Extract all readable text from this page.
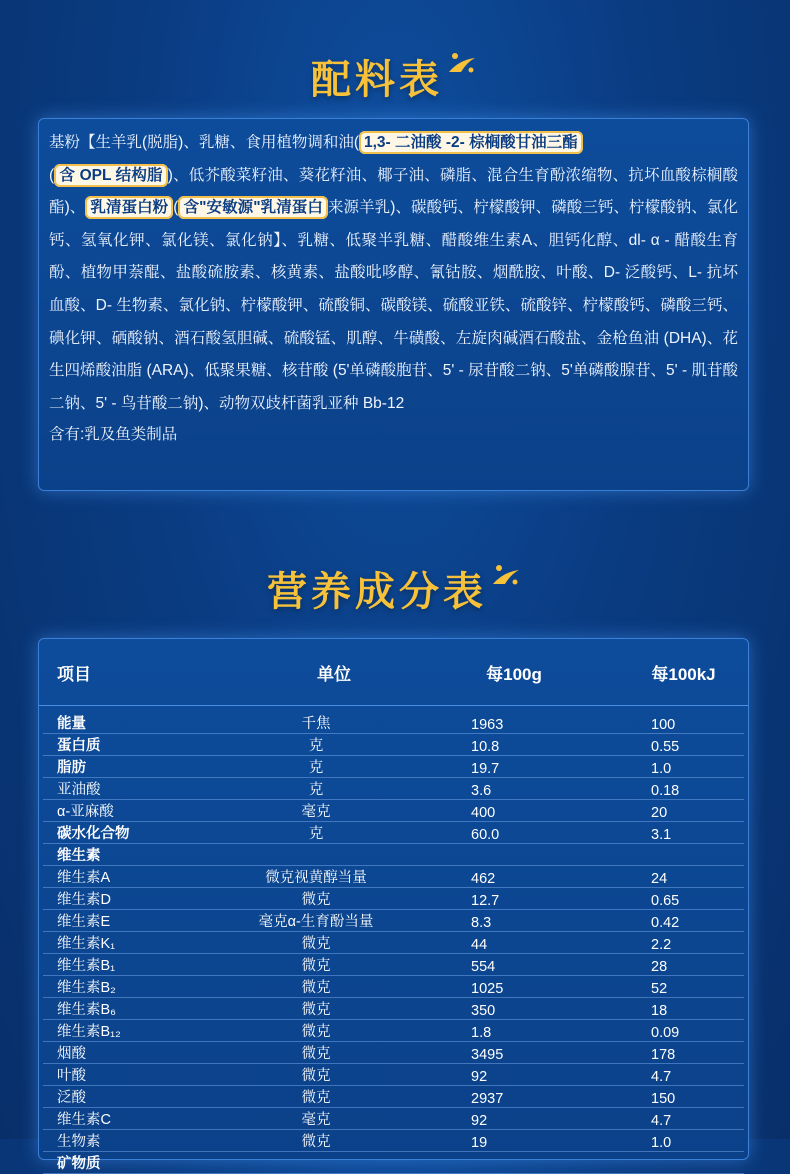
配料表
基粉【生羊乳(脱脂)、乳糖、食用植物调和油( 1,3- 二油酸 -2- 棕榈酸甘油三酯
( 含 OPL 结构脂 )、低芥酸菜籽油、葵花籽油、椰子油、磷脂、混合生育酚浓缩物、抗坏血酸棕榈酸酯)、 乳清蛋白粉 ( 含"安敏源"乳清蛋白 来源羊乳)、碳酸钙、柠檬酸钾、磷酸三钙、柠檬酸钠、氯化钙、氢氧化钾、氯化镁、氯化钠】、乳糖、低聚半乳糖、醋酸维生素A、胆钙化醇、dl- α - 醋酸生育酚、植物甲萘醌、盐酸硫胺素、核黄素、盐酸吡哆醇、氰钴胺、烟酰胺、叶酸、D- 泛酸钙、L- 抗坏血酸、D- 生物素、氯化钠、柠檬酸钾、硫酸铜、碳酸镁、硫酸亚铁、硫酸锌、柠檬酸钙、磷酸三钙、碘化钾、硒酸钠、酒石酸氢胆碱、硫酸锰、肌醇、牛磺酸、左旋肉碱酒石酸盐、金枪鱼油 (DHA)、花生四烯酸油脂 (ARA)、低聚果糖、核苷酸 (5'单磷酸胞苷、5' - 尿苷酸二钠、5'单磷酸腺苷、5' - 肌苷酸二钠、5' - 鸟苷酸二钠)、动物双歧杆菌乳亚种 Bb-12
含有:乳及鱼类制品
营养成分表
项目	单位	每100g	每100kJ
能量	千焦	1963	100
蛋白质	克	10.8	0.55
脂肪	克	19.7	1.0
亚油酸	克	3.6	0.18
α-亚麻酸	毫克	400	20
碳水化合物	克	60.0	3.1
维生素
维生素A	微克视黄醇当量	462	24
维生素D	微克	12.7	0.65
维生素E	毫克α-生育酚当量	8.3	0.42
维生素K₁	微克	44	2.2
维生素B₁	微克	554	28
维生素B₂	微克	1025	52
维生素B₆	微克	350	18
维生素B₁₂	微克	1.8	0.09
烟酸	微克	3495	178
叶酸	微克	92	4.7
泛酸	微克	2937	150
维生素C	毫克	92	4.7
生物素	微克	19	1.0
矿物质
